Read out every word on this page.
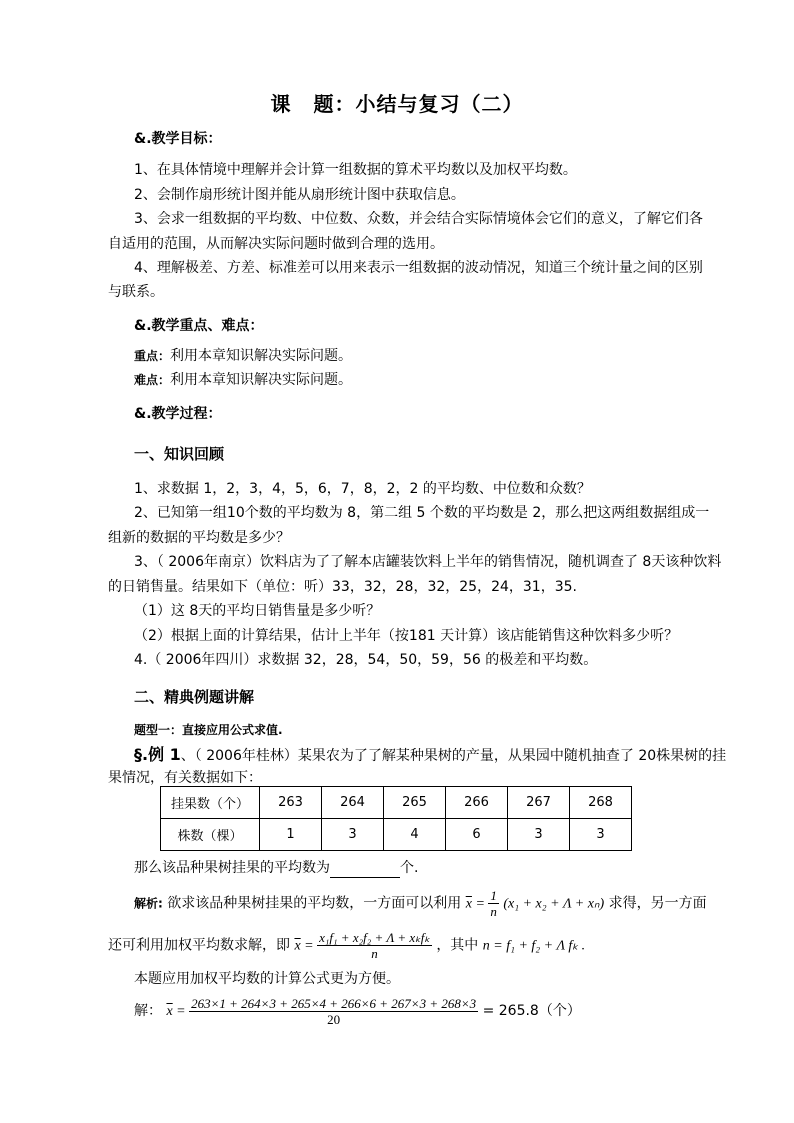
课 题：小结与复习（二）
&.教学目标：
1、在具体情境中理解并会计算一组数据的算术平均数以及加权平均数。
2、会制作扇形统计图并能从扇形统计图中获取信息。
3、会求一组数据的平均数、中位数、众数，并会结合实际情境体会它们的意义，了解它们各
自适用的范围，从而解决实际问题时做到合理的选用。
4、理解极差、方差、标准差可以用来表示一组数据的波动情况，知道三个统计量之间的区别
与联系。
&.教学重点、难点：
重点：利用本章知识解决实际问题。
难点：利用本章知识解决实际问题。
&.教学过程：
一、知识回顾
1、求数据 1，2，3，4，5，6，7，8，2，2 的平均数、中位数和众数？
2、已知第一组10个数的平均数为 8，第二组 5 个数的平均数是 2，那么把这两组数据组成一
组新的数据的平均数是多少？
3、（ 2006年南京）饮料店为了了解本店罐装饮料上半年的销售情况，随机调查了 8天该种饮料
的日销售量。结果如下（单位：听）33，32，28，32，25，24，31，35.
（1）这 8天的平均日销售量是多少听？
（2）根据上面的计算结果，估计上半年（按181 天计算）该店能销售这种饮料多少听？
4.（ 2006年四川）求数据 32，28，54，50，59，56 的极差和平均数。
二、精典例题讲解
题型一：直接应用公式求值.
§.例 1、（ 2006年桂林）某果农为了了解某种果树的产量，从果园中随机抽查了 20株果树的挂
果情况，有关数据如下：
挂果数（个）	263	264	265	266	267	268
株数（棵）	1	3	4	6	3	3
那么该品种果树挂果的平均数为	个.
解析: 欲求该品种果树挂果的平均数，一方面可以利用 $\overline{x} = \frac{1}{n} (x_1 + x_2 + \Lambda + x_n)$ 求得，另一方面
还可利用加权平均数求解，即 $\overline{x} = \frac{\text{x₁f₁ + x₂f₂ + Λ + xₖfₖ}}{n}$ ，其中 n = f₁ + f₂ + Λ fₖ .
本题应用加权平均数的计算公式更为方便。
解： $\overline{x} = \frac{263\times 1 + 264\times 3 + 265\times 4 + 266\times 6 + 267\times 3 + 268\times 3}{20} = 265.8$（个）
